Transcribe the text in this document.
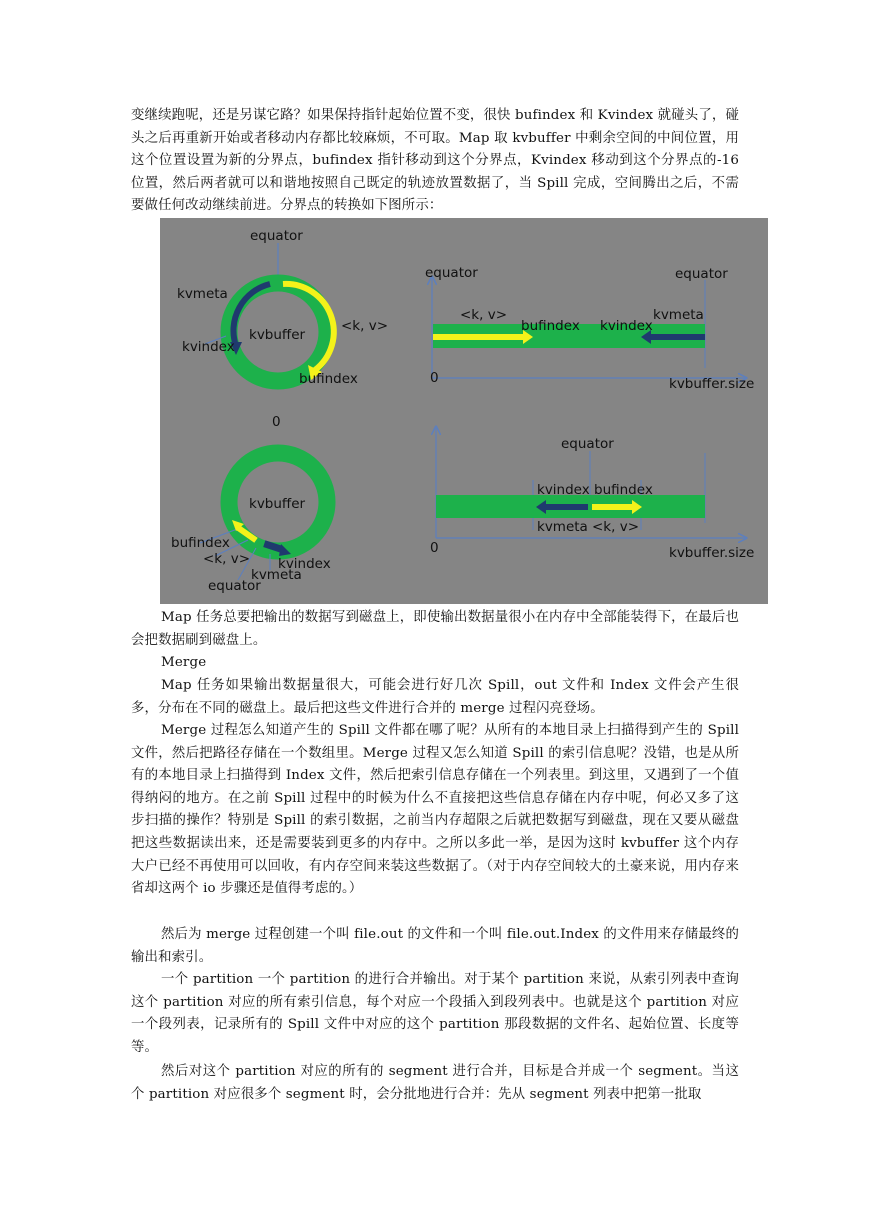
变继续跑呢，还是另谋它路？如果保持指针起始位置不变，很快 bufindex 和 Kvindex 就碰头了，碰头之后再重新开始或者移动内存都比较麻烦，不可取。Map 取 kvbuffer 中剩余空间的中间位置，用这个位置设置为新的分界点，bufindex 指针移动到这个分界点，Kvindex 移动到这个分界点的-16 位置，然后两者就可以和谐地按照自己既定的轨迹放置数据了，当 Spill 完成，空间腾出之后，不需要做任何改动继续前进。分界点的转换如下图所示：

equator
kvmeta
kvbuffer
kvindex
<k, v>
bufindex
equator	equator
<k, v>
bufindex kvindex
kvmeta
0	kvbuffer.size
0
kvbuffer
bufindex
<k, v> kvindex
kvmeta
equator
equator
kvindex bufindex
kvmeta <k, v>
0	kvbuffer.size

Map 任务总要把输出的数据写到磁盘上，即使输出数据量很小在内存中全部能装得下，在最后也会把数据刷到磁盘上。

Merge

Map 任务如果输出数据量很大，可能会进行好几次 Spill，out 文件和 Index 文件会产生很多，分布在不同的磁盘上。最后把这些文件进行合并的 merge 过程闪亮登场。

Merge 过程怎么知道产生的 Spill 文件都在哪了呢？从所有的本地目录上扫描得到产生的 Spill 文件，然后把路径存储在一个数组里。Merge 过程又怎么知道 Spill 的索引信息呢？没错，也是从所有的本地目录上扫描得到 Index 文件，然后把索引信息存储在一个列表里。到这里，又遇到了一个值得纳闷的地方。在之前 Spill 过程中的时候为什么不直接把这些信息存储在内存中呢，何必又多了这步扫描的操作？特别是 Spill 的索引数据，之前当内存超限之后就把数据写到磁盘，现在又要从磁盘把这些数据读出来，还是需要装到更多的内存中。之所以多此一举，是因为这时 kvbuffer 这个内存大户已经不再使用可以回收，有内存空间来装这些数据了。（对于内存空间较大的土豪来说，用内存来省却这两个 io 步骤还是值得考虑的。）

然后为 merge 过程创建一个叫 file.out 的文件和一个叫 file.out.Index 的文件用来存储最终的输出和索引。

一个 partition 一个 partition 的进行合并输出。对于某个 partition 来说，从索引列表中查询这个 partition 对应的所有索引信息，每个对应一个段插入到段列表中。也就是这个 partition 对应一个段列表，记录所有的 Spill 文件中对应的这个 partition 那段数据的文件名、起始位置、长度等等。

然后对这个 partition 对应的所有的 segment 进行合并，目标是合并成一个 segment。当这个 partition 对应很多个 segment 时，会分批地进行合并：先从 segment 列表中把第一批取
